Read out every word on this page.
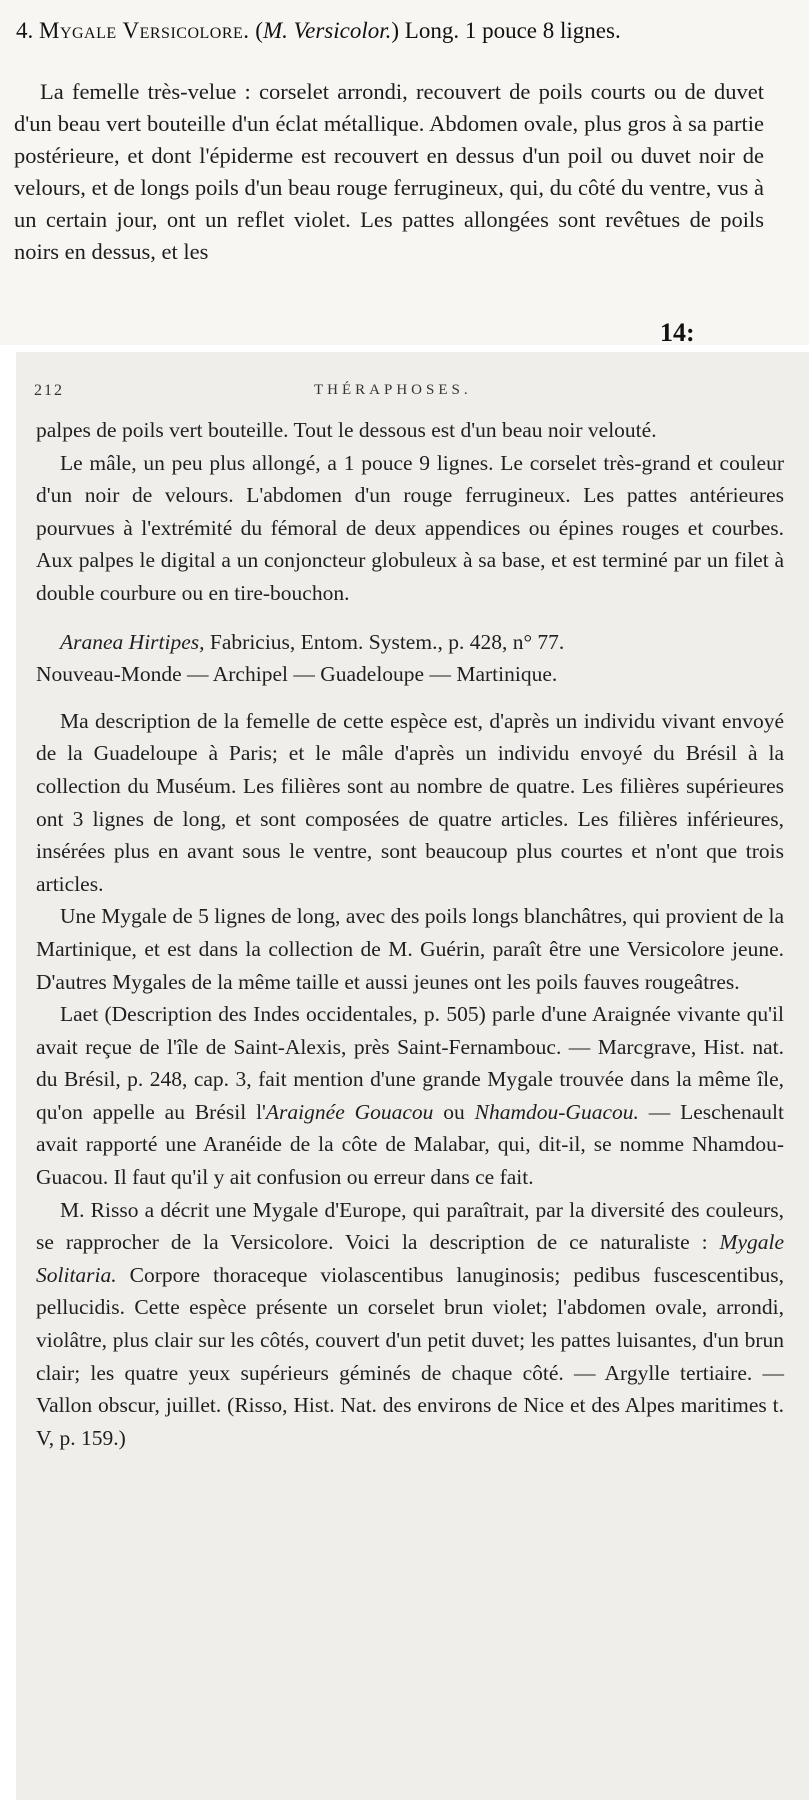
4. Mygale Versicolore. (M. Versicolor.) Long. 1 pouce 8 lignes.

La femelle très-velue : corselet arrondi, recouvert de poils courts ou de duvet d'un beau vert bouteille d'un éclat métallique. Abdomen ovale, plus gros à sa partie postérieure, et dont l'épiderme est recouvert en dessus d'un poil ou duvet noir de velours, et de longs poils d'un beau rouge ferrugineux, qui, du côté du ventre, vus à un certain jour, ont un reflet violet. Les pattes allongées sont revêtues de poils noirs en dessus, et les

14:
212	THÉRAPHOSES.

palpes de poils vert bouteille. Tout le dessous est d'un beau noir velouté.

Le mâle, un peu plus allongé, a 1 pouce 9 lignes. Le corselet très-grand et couleur d'un noir de velours. L'abdomen d'un rouge ferrugineux. Les pattes antérieures pourvues à l'extrémité du fémoral de deux appendices ou épines rouges et courbes. Aux palpes le digital a un conjoncteur globuleux à sa base, et est terminé par un filet à double courbure ou en tire-bouchon.

Aranea Hirtipes, Fabricius, Entom. System., p. 428, n° 77.

Nouveau-Monde — Archipel — Guadeloupe — Martinique.

Ma description de la femelle de cette espèce est, d'après un individu vivant envoyé de la Guadeloupe à Paris; et le mâle d'après un individu envoyé du Brésil à la collection du Muséum. Les filières sont au nombre de quatre. Les filières supérieures ont 3 lignes de long, et sont composées de quatre articles. Les filières inférieures, insérées plus en avant sous le ventre, sont beaucoup plus courtes et n'ont que trois articles.

Une Mygale de 5 lignes de long, avec des poils longs blanchâtres, qui provient de la Martinique, et est dans la collection de M. Guérin, paraît être une Versicolore jeune. D'autres Mygales de la même taille et aussi jeunes ont les poils fauves rougeâtres.

Laet (Description des Indes occidentales, p. 505) parle d'une Araignée vivante qu'il avait reçue de l'île de Saint-Alexis, près Saint-Fernambouc. — Marcgrave, Hist. nat. du Brésil, p. 248, cap. 3, fait mention d'une grande Mygale trouvée dans la même île, qu'on appelle au Brésil l'Araignée Gouacou ou Nhamdou-Guacou. — Leschenault avait rapporté une Aranéide de la côte de Malabar, qui, dit-il, se nomme Nhamdou-Guacou. Il faut qu'il y ait confusion ou erreur dans ce fait.

M. Risso a décrit une Mygale d'Europe, qui paraîtrait, par la diversité des couleurs, se rapprocher de la Versicolore. Voici la description de ce naturaliste : Mygale Solitaria. Corpore thoraceque violascentibus lanuginosis; pedibus fuscescentibus, pellucidis. Cette espèce présente un corselet brun violet; l'abdomen ovale, arrondi, violâtre, plus clair sur les côtés, couvert d'un petit duvet; les pattes luisantes, d'un brun clair; les quatre yeux supérieurs géminés de chaque côté. — Argylle tertiaire. — Vallon obscur, juillet. (Risso, Hist. Nat. des environs de Nice et des Alpes maritimes t. V, p. 159.)
